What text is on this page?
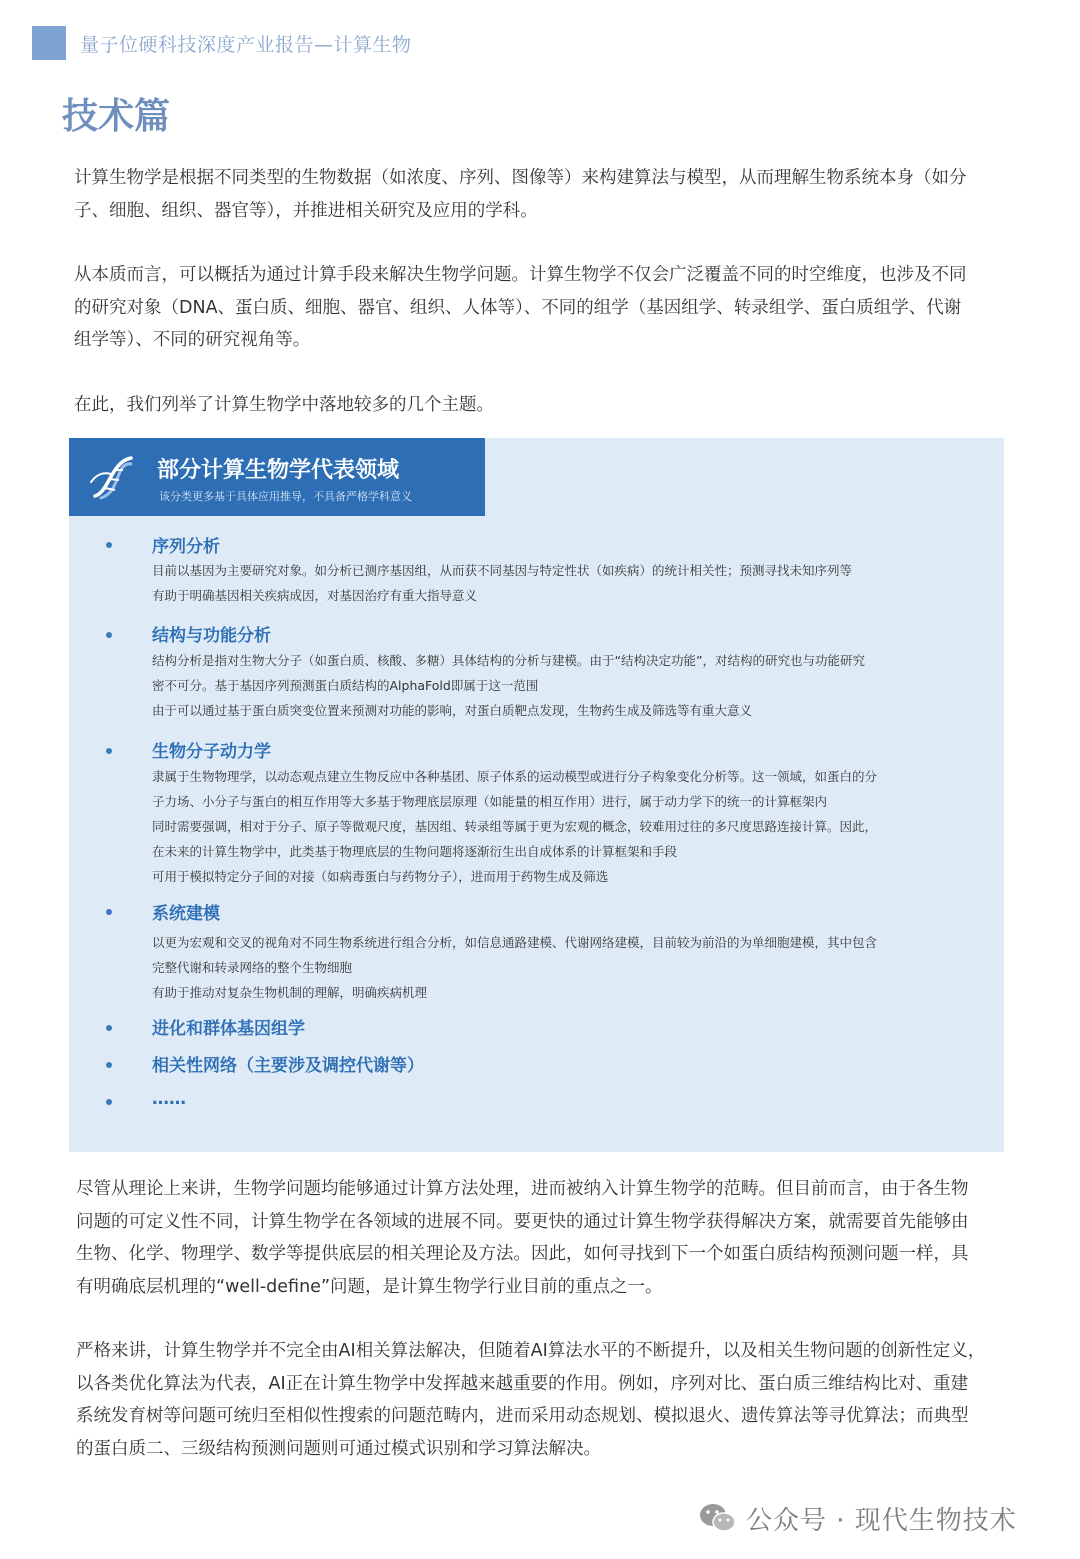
量子位硬科技深度产业报告—计算生物
技术篇
计算生物学是根据不同类型的生物数据（如浓度、序列、图像等）来构建算法与模型，从而理解生物系统本身（如分
子、细胞、组织、器官等），并推进相关研究及应用的学科。
从本质而言，可以概括为通过计算手段来解决生物学问题。计算生物学不仅会广泛覆盖不同的时空维度，也涉及不同
的研究对象（DNA、蛋白质、细胞、器官、组织、人体等）、不同的组学（基因组学、转录组学、蛋白质组学、代谢
组学等）、不同的研究视角等。
在此，我们列举了计算生物学中落地较多的几个主题。
部分计算生物学代表领域
该分类更多基于具体应用推导，不具备严格学科意义
序列分析
目前以基因为主要研究对象。如分析已测序基因组，从而获不同基因与特定性状（如疾病）的统计相关性；预测寻找未知序列等
有助于明确基因相关疾病成因，对基因治疗有重大指导意义
结构与功能分析
结构分析是指对生物大分子（如蛋白质、核酸、多糖）具体结构的分析与建模。由于“结构决定功能”，对结构的研究也与功能研究
密不可分。基于基因序列预测蛋白质结构的AlphaFold即属于这一范围
由于可以通过基于蛋白质突变位置来预测对功能的影响，对蛋白质靶点发现，生物药生成及筛选等有重大意义
生物分子动力学
隶属于生物物理学，以动态观点建立生物反应中各种基团、原子体系的运动模型或进行分子构象变化分析等。这一领域，如蛋白的分
子力场、小分子与蛋白的相互作用等大多基于物理底层原理（如能量的相互作用）进行，属于动力学下的统一的计算框架内
同时需要强调，相对于分子、原子等微观尺度，基因组、转录组等属于更为宏观的概念，较难用过往的多尺度思路连接计算。因此，
在未来的计算生物学中，此类基于物理底层的生物问题将逐渐衍生出自成体系的计算框架和手段
可用于模拟特定分子间的对接（如病毒蛋白与药物分子），进而用于药物生成及筛选
系统建模
以更为宏观和交叉的视角对不同生物系统进行组合分析，如信息通路建模、代谢网络建模，目前较为前沿的为单细胞建模，其中包含
完整代谢和转录网络的整个生物细胞
有助于推动对复杂生物机制的理解，明确疾病机理
进化和群体基因组学
相关性网络（主要涉及调控代谢等）
……
尽管从理论上来讲，生物学问题均能够通过计算方法处理，进而被纳入计算生物学的范畴。但目前而言，由于各生物
问题的可定义性不同，计算生物学在各领域的进展不同。要更快的通过计算生物学获得解决方案，就需要首先能够由
生物、化学、物理学、数学等提供底层的相关理论及方法。因此，如何寻找到下一个如蛋白质结构预测问题一样，具
有明确底层机理的“well-define”问题，是计算生物学行业目前的重点之一。
严格来讲，计算生物学并不完全由AI相关算法解决，但随着AI算法水平的不断提升，以及相关生物问题的创新性定义，
以各类优化算法为代表，AI正在计算生物学中发挥越来越重要的作用。例如，序列对比、蛋白质三维结构比对、重建
系统发育树等问题可统归至相似性搜索的问题范畴内，进而采用动态规划、模拟退火、遗传算法等寻优算法；而典型
的蛋白质二、三级结构预测问题则可通过模式识别和学习算法解决。
公众号 · 现代生物技术
